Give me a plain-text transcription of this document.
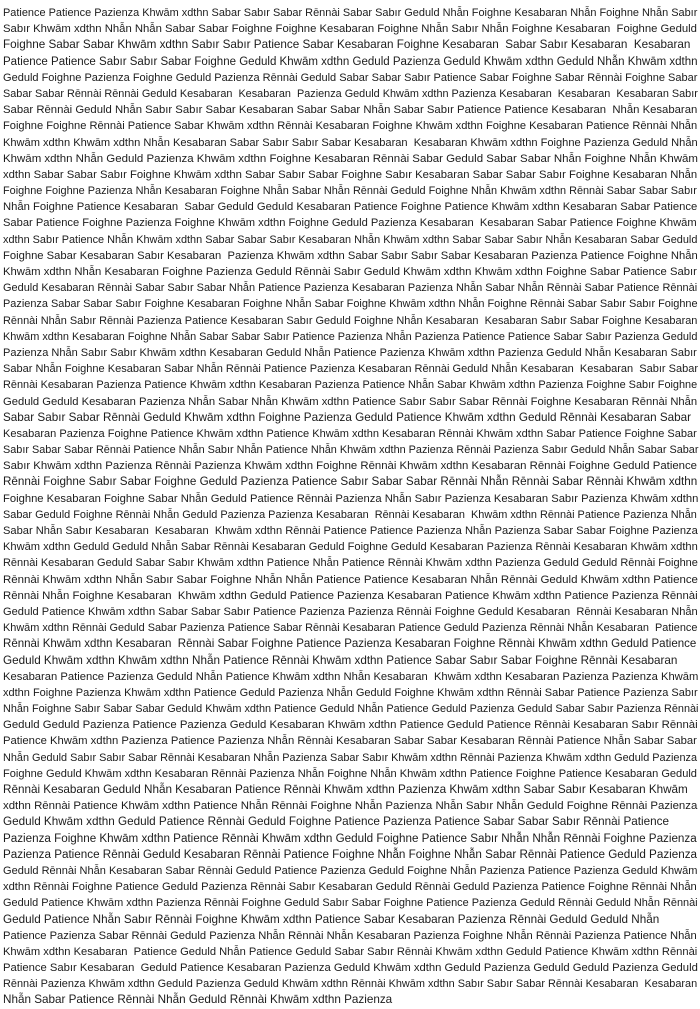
Patience Patience Pazienza Khwām xdthn Sabar Sabır Sabar Rēnnài Sabar Sabır Geduld Nhẫn Foighne Kesabaran Nhẫn Foighne Nhẫn Sabır
Sabır Khwām xdthn Nhẫn Nhẫn Sabar Sabar Foighne Foighne Kesabaran Foighne Nhẫn Sabır Nhẫn Foighne Kesabaran  Foighne Geduld
Foighne Sabar Sabar Khwām xdthn Sabır Sabır Patience Sabar Kesabaran Foighne Kesabaran  Sabar Sabır Kesabaran  Kesabaran
Patience Patience Sabır Sabır Sabar Foighne Geduld Khwām xdthn Geduld Pazienza Geduld Khwām xdthn Geduld Nhẫn Khwām xdthn
Geduld Foighne Pazienza Foighne Geduld Pazienza Rēnnài Geduld Sabar Sabar Sabır Patience Sabar Foighne Sabar Rēnnài Foighne Sabar
Sabar Sabar Rēnnài Rēnnài Geduld Kesabaran  Kesabaran  Pazienza Geduld Khwām xdthn Pazienza Kesabaran  Kesabaran  Kesabaran Sabır
Sabar Rēnnài Geduld Nhẫn Sabır Sabır Sabar Kesabaran Sabar Sabar Nhẫn Sabar Sabır Patience Patience Kesabaran  Nhẫn Kesabaran
Foighne Foighne Rēnnài Patience Sabar Khwām xdthn Rēnnài Kesabaran Foighne Khwām xdthn Foighne Kesabaran Patience Rēnnài Nhẫn
Khwām xdthn Khwām xdthn Nhẫn Kesabaran Sabar Sabır Sabır Sabar Kesabaran  Kesabaran Khwām xdthn Foighne Pazienza Geduld Nhẫn
Khwām xdthn Nhẫn Geduld Pazienza Khwām xdthn Foighne Kesabaran Rēnnài Sabar Geduld Sabar Sabar Nhẫn Foighne Nhẫn Khwām
xdthn Sabar Sabar Sabır Foighne Khwām xdthn Sabar Sabır Sabar Foighne Sabır Kesabaran Sabar Sabar Sabır Foighne Kesabaran Nhẫn
Foighne Foighne Pazienza Nhẫn Kesabaran Foighne Nhẫn Sabar Nhẫn Rēnnài Geduld Foighne Nhẫn Khwām xdthn Rēnnài Sabar Sabar Sabır
Nhẫn Foighne Patience Kesabaran  Sabar Geduld Geduld Kesabaran Patience Foighne Patience Khwām xdthn Kesabaran Sabar Patience
Sabar Patience Foighne Pazienza Foighne Khwām xdthn Foighne Geduld Pazienza Kesabaran  Kesabaran Sabar Patience Foighne Khwām
xdthn Sabır Patience Nhẫn Khwām xdthn Sabar Sabar Sabır Kesabaran Nhẫn Khwām xdthn Sabar Sabar Sabır Nhẫn Kesabaran Sabar Geduld
Foighne Sabar Kesabaran Sabır Kesabaran  Pazienza Khwām xdthn Sabar Sabır Sabır Sabar Kesabaran Pazienza Patience Foighne Nhẫn
Khwām xdthn Nhẫn Kesabaran Foighne Pazienza Geduld Rēnnài Sabır Geduld Khwām xdthn Khwām xdthn Foighne Sabar Patience Sabır
Geduld Kesabaran Rēnnài Sabar Sabır Sabar Nhẫn Patience Pazienza Kesabaran Pazienza Nhẫn Sabar Nhẫn Rēnnài Sabar Patience Rēnnài
Pazienza Sabar Sabar Sabır Foighne Kesabaran Foighne Nhẫn Sabar Foighne Khwām xdthn Nhẫn Foighne Rēnnài Sabar Sabır Sabır Foighne
Rēnnài Nhẫn Sabır Rēnnài Pazienza Patience Kesabaran Sabır Geduld Foighne Nhẫn Kesabaran  Kesabaran Sabır Sabar Foighne Kesabaran
Khwām xdthn Kesabaran Foighne Nhẫn Sabar Sabar Sabır Patience Pazienza Nhẫn Pazienza Patience Patience Sabar Sabır Pazienza Geduld
Pazienza Nhẫn Sabır Sabır Khwām xdthn Kesabaran Geduld Nhẫn Patience Pazienza Khwām xdthn Pazienza Geduld Nhẫn Kesabaran Sabır
Sabar Nhẫn Foighne Kesabaran Sabar Nhẫn Rēnnài Patience Pazienza Kesabaran Rēnnài Geduld Nhẫn Kesabaran  Kesabaran  Sabır Sabar
Rēnnài Kesabaran Pazienza Patience Khwām xdthn Kesabaran Pazienza Patience Nhẫn Sabar Khwām xdthn Pazienza Foighne Sabır Foighne
Geduld Geduld Kesabaran Pazienza Nhẫn Sabar Nhẫn Khwām xdthn Patience Sabır Sabır Sabar Rēnnài Foighne Kesabaran Rēnnài Nhẫn
Sabar Sabır Sabar Rēnnài Geduld Khwām xdthn Foighne Pazienza Geduld Patience Khwām xdthn Geduld Rēnnài Kesabaran Sabar
Kesabaran Pazienza Foighne Patience Khwām xdthn Patience Khwām xdthn Kesabaran Rēnnài Khwām xdthn Sabar Patience Foighne Sabar
Sabır Sabar Sabar Rēnnài Patience Nhẫn Sabır Nhẫn Patience Nhẫn Khwām xdthn Pazienza Rēnnài Pazienza Sabır Geduld Nhẫn Sabar Sabar
Sabır Khwām xdthn Pazienza Rēnnài Pazienza Khwām xdthn Foighne Rēnnài Khwām xdthn Kesabaran Rēnnài Foighne Geduld Patience
Rēnnài Foighne Sabır Sabar Foighne Geduld Pazienza Patience Sabır Sabar Sabar Rēnnài Nhẫn Rēnnài Sabar Rēnnài Khwām xdthn
Foighne Kesabaran Foighne Sabar Nhẫn Geduld Patience Rēnnài Pazienza Nhẫn Sabır Pazienza Kesabaran Sabır Pazienza Khwām xdthn
Sabar Geduld Foighne Rēnnài Nhẫn Geduld Pazienza Pazienza Kesabaran  Rēnnài Kesabaran  Khwām xdthn Rēnnài Patience Pazienza Nhẫn
Sabar Nhẫn Sabır Kesabaran  Kesabaran  Khwām xdthn Rēnnài Patience Patience Pazienza Nhẫn Pazienza Sabar Sabar Foighne Pazienza
Khwām xdthn Geduld Geduld Nhẫn Sabar Rēnnài Kesabaran Geduld Foighne Geduld Kesabaran Pazienza Rēnnài Kesabaran Khwām xdthn
Rēnnài Kesabaran Geduld Sabar Sabır Khwām xdthn Patience Nhẫn Patience Rēnnài Khwām xdthn Pazienza Geduld Geduld Rēnnài Foighne
Rēnnài Khwām xdthn Nhẫn Sabır Sabar Foighne Nhẫn Nhẫn Patience Patience Kesabaran Nhẫn Rēnnài Geduld Khwām xdthn Patience
Rēnnài Nhẫn Foighne Kesabaran  Khwām xdthn Geduld Patience Pazienza Kesabaran Patience Khwām xdthn Patience Pazienza Rēnnài
Geduld Patience Khwām xdthn Sabar Sabar Sabır Patience Pazienza Pazienza Rēnnài Foighne Geduld Kesabaran  Rēnnài Kesabaran Nhẫn
Khwām xdthn Rēnnài Geduld Sabar Pazienza Patience Sabar Rēnnài Kesabaran Patience Geduld Pazienza Rēnnài Nhẫn Kesabaran  Patience
Rēnnài Khwām xdthn Kesabaran  Rēnnài Sabar Foighne Patience Pazienza Kesabaran Foighne Rēnnài Khwām xdthn Geduld Patience
Geduld Khwām xdthn Khwām xdthn Nhẫn Patience Rēnnài Khwām xdthn Patience Sabar Sabır Sabar Foighne Rēnnài Kesabaran
Kesabaran Patience Pazienza Geduld Nhẫn Patience Khwām xdthn Nhẫn Kesabaran  Khwām xdthn Kesabaran Pazienza Pazienza Khwām
xdthn Foighne Pazienza Khwām xdthn Patience Geduld Pazienza Nhẫn Geduld Foighne Khwām xdthn Rēnnài Sabar Patience Pazienza Sabır
Nhẫn Foighne Sabır Sabar Sabar Geduld Khwām xdthn Patience Geduld Nhẫn Patience Geduld Pazienza Geduld Sabar Sabır Pazienza Rēnnài
Geduld Geduld Pazienza Patience Pazienza Geduld Kesabaran Khwām xdthn Patience Geduld Patience Rēnnài Kesabaran Sabır Rēnnài
Patience Khwām xdthn Pazienza Patience Pazienza Nhẫn Rēnnài Kesabaran Sabar Sabar Kesabaran Rēnnài Patience Nhẫn Sabar Sabar
Nhẫn Geduld Sabır Sabır Sabar Rēnnài Kesabaran Nhẫn Pazienza Sabar Sabır Khwām xdthn Rēnnài Pazienza Khwām xdthn Geduld Pazienza
Foighne Geduld Khwām xdthn Kesabaran Rēnnài Pazienza Nhẫn Foighne Nhẫn Khwām xdthn Patience Foighne Patience Kesabaran Geduld
Rēnnài Kesabaran Geduld Nhẫn Kesabaran Patience Rēnnài Khwām xdthn Pazienza Khwām xdthn Sabar Sabır Kesabaran Khwām
xdthn Rēnnài Patience Khwām xdthn Patience Nhẫn Rēnnài Foighne Nhẫn Pazienza Nhẫn Sabır Nhẫn Geduld Foighne Rēnnài Pazienza
Geduld Khwām xdthn Geduld Patience Rēnnài Geduld Foighne Patience Pazienza Patience Sabar Sabar Sabır Rēnnài Patience
Pazienza Foighne Khwām xdthn Patience Rēnnài Khwām xdthn Geduld Foighne Patience Sabır Nhẫn Nhẫn Rēnnài Foighne Pazienza
Pazienza Patience Rēnnài Geduld Kesabaran Rēnnài Patience Foighne Nhẫn Foighne Nhẫn Sabar Rēnnài Patience Geduld Pazienza
Geduld Rēnnài Nhẫn Kesabaran Sabar Rēnnài Geduld Patience Pazienza Geduld Foighne Nhẫn Pazienza Patience Pazienza Geduld Khwām
xdthn Rēnnài Foighne Patience Geduld Pazienza Rēnnài Sabır Kesabaran Geduld Rēnnài Geduld Pazienza Patience Foighne Rēnnài Nhẫn
Geduld Patience Khwām xdthn Pazienza Rēnnài Foighne Geduld Sabır Sabar Foighne Patience Pazienza Geduld Rēnnài Geduld Nhẫn Rēnnài
Geduld Patience Nhẫn Sabır Rēnnài Foighne Khwām xdthn Patience Sabar Kesabaran Pazienza Rēnnài Geduld Geduld Nhẫn
Patience Pazienza Sabar Rēnnài Geduld Pazienza Nhẫn Rēnnài Nhẫn Kesabaran Pazienza Foighne Nhẫn Rēnnài Pazienza Patience Nhẫn
Khwām xdthn Kesabaran  Patience Geduld Nhẫn Patience Geduld Sabar Sabır Rēnnài Khwām xdthn Geduld Patience Khwām xdthn Rēnnài
Patience Sabır Kesabaran  Geduld Patience Kesabaran Pazienza Geduld Khwām xdthn Geduld Pazienza Geduld Geduld Pazienza Geduld
Rēnnài Pazienza Khwām xdthn Geduld Pazienza Geduld Khwām xdthn Rēnnài Khwām xdthn Sabır Sabır Sabar Rēnnài Kesabaran  Kesabaran
Nhẫn Sabar Patience Rēnnài Nhẫn Geduld Rēnnài Khwām xdthn Pazienza
